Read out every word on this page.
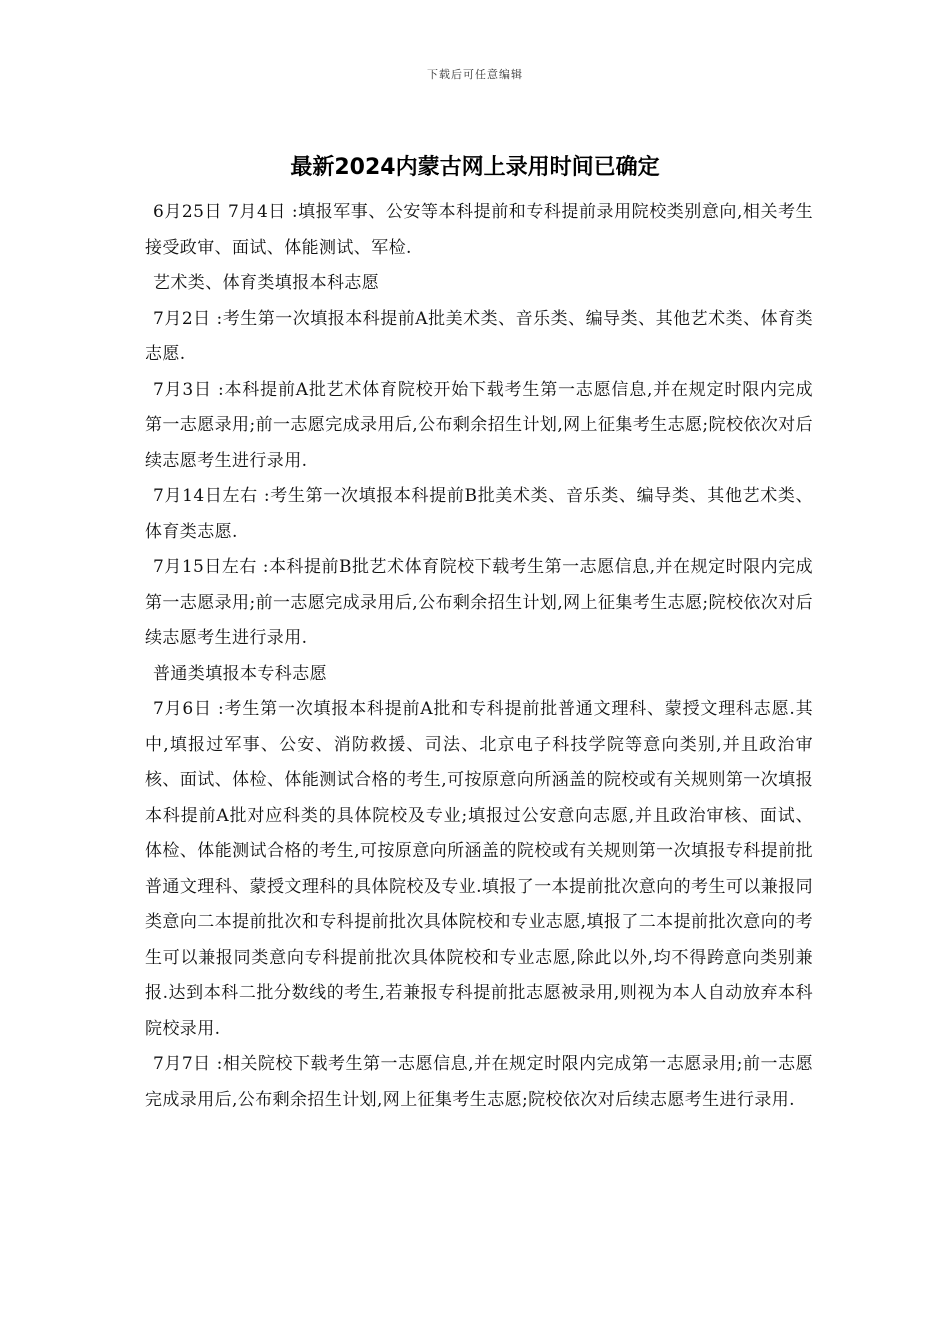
下载后可任意编辑
最新2024内蒙古网上录用时间已确定

6月25日 7月4日 :填报军事、公安等本科提前和专科提前录用院校类别意向,相关考生接受政审、面试、体能测试、军检.

艺术类、体育类填报本科志愿

7月2日 :考生第一次填报本科提前A批美术类、音乐类、编导类、其他艺术类、体育类志愿.

7月3日 :本科提前A批艺术体育院校开始下载考生第一志愿信息,并在规定时限内完成第一志愿录用;前一志愿完成录用后,公布剩余招生计划,网上征集考生志愿;院校依次对后续志愿考生进行录用.

7月14日左右 :考生第一次填报本科提前B批美术类、音乐类、编导类、其他艺术类、体育类志愿.

7月15日左右 :本科提前B批艺术体育院校下载考生第一志愿信息,并在规定时限内完成第一志愿录用;前一志愿完成录用后,公布剩余招生计划,网上征集考生志愿;院校依次对后续志愿考生进行录用.

普通类填报本专科志愿

7月6日 :考生第一次填报本科提前A批和专科提前批普通文理科、蒙授文理科志愿.其中,填报过军事、公安、消防救援、司法、北京电子科技学院等意向类别,并且政治审核、面试、体检、体能测试合格的考生,可按原意向所涵盖的院校或有关规则第一次填报本科提前A批对应科类的具体院校及专业;填报过公安意向志愿,并且政治审核、面试、体检、体能测试合格的考生,可按原意向所涵盖的院校或有关规则第一次填报专科提前批普通文理科、蒙授文理科的具体院校及专业.填报了一本提前批次意向的考生可以兼报同类意向二本提前批次和专科提前批次具体院校和专业志愿,填报了二本提前批次意向的考生可以兼报同类意向专科提前批次具体院校和专业志愿,除此以外,均不得跨意向类别兼报.达到本科二批分数线的考生,若兼报专科提前批志愿被录用,则视为本人自动放弃本科院校录用.

7月7日 :相关院校下载考生第一志愿信息,并在规定时限内完成第一志愿录用;前一志愿完成录用后,公布剩余招生计划,网上征集考生志愿;院校依次对后续志愿考生进行录用.
